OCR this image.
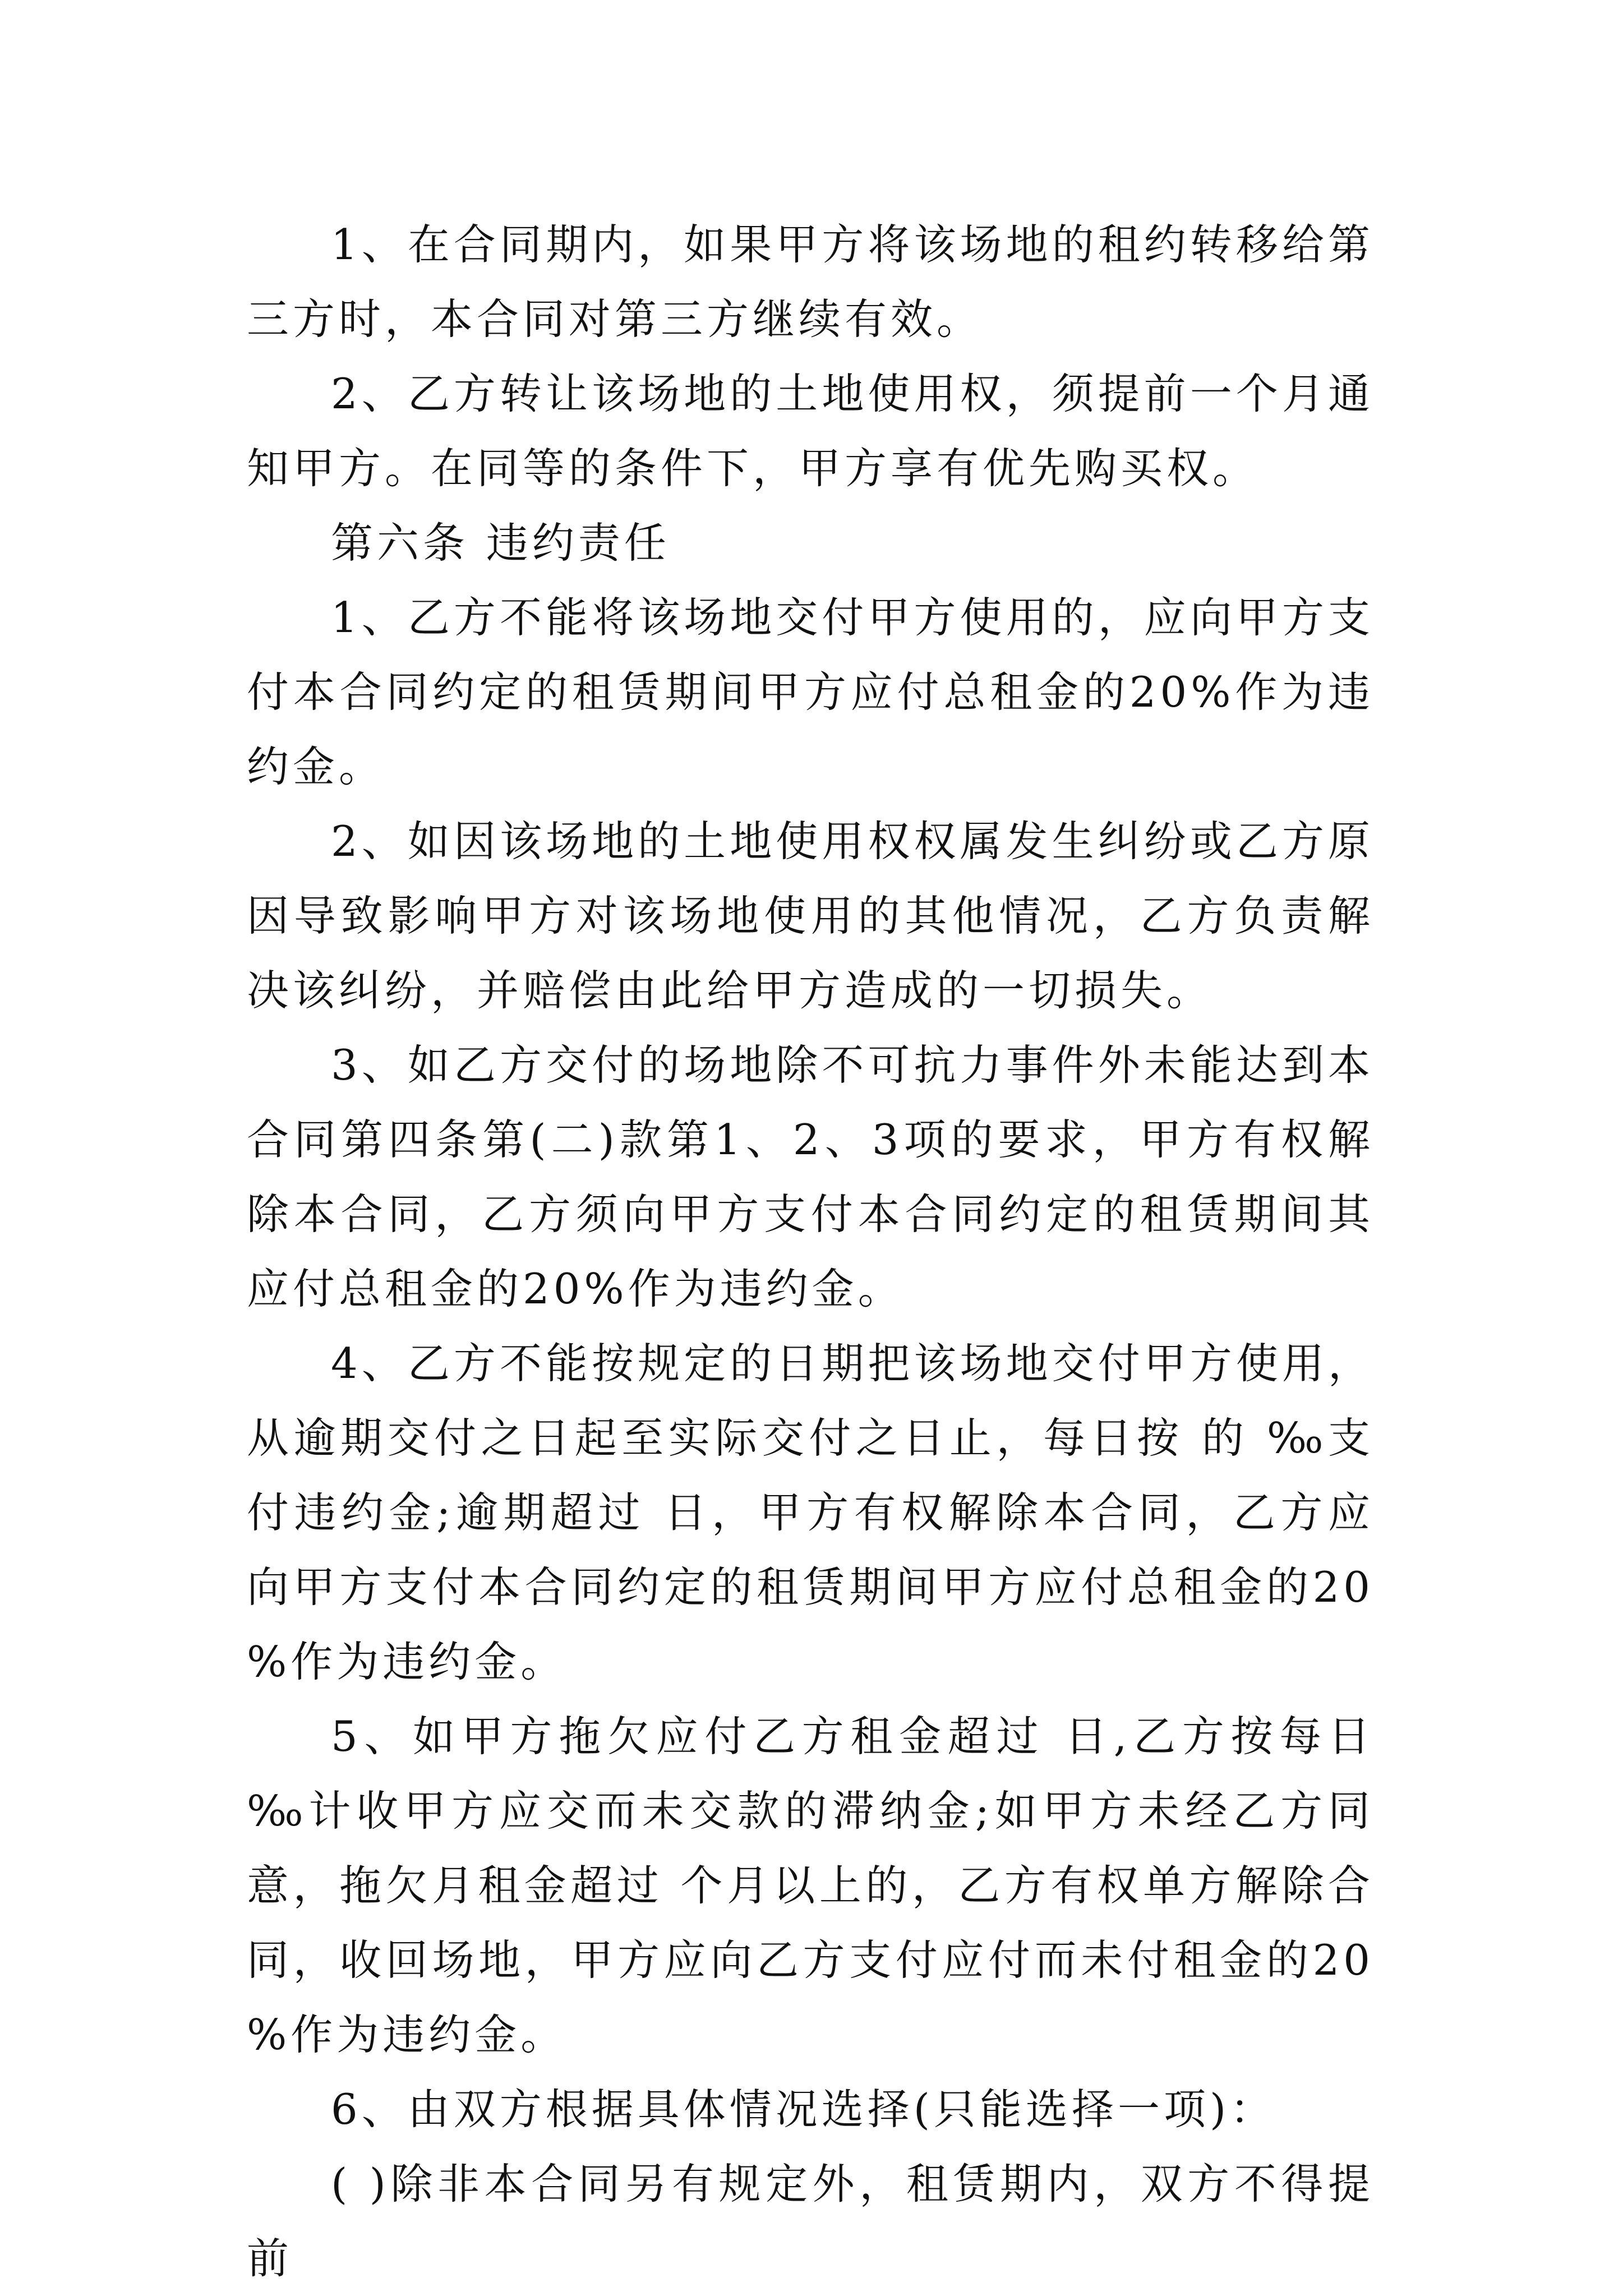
1、在合同期内，如果甲方将该场地的租约转移给第三方时，本合同对第三方继续有效。

2、乙方转让该场地的土地使用权，须提前一个月通知甲方。在同等的条件下，甲方享有优先购买权。

第六条 违约责任

1、乙方不能将该场地交付甲方使用的，应向甲方支付本合同约定的租赁期间甲方应付总租金的20%作为违约金。

2、如因该场地的土地使用权权属发生纠纷或乙方原因导致影响甲方对该场地使用的其他情况，乙方负责解决该纠纷，并赔偿由此给甲方造成的一切损失。

3、如乙方交付的场地除不可抗力事件外未能达到本合同第四条第(二)款第1、2、3项的要求，甲方有权解除本合同，乙方须向甲方支付本合同约定的租赁期间其应付总租金的20%作为违约金。

4、乙方不能按规定的日期把该场地交付甲方使用，从逾期交付之日起至实际交付之日止，每日按 的 ‰支付违约金;逾期超过 日，甲方有权解除本合同，乙方应向甲方支付本合同约定的租赁期间甲方应付总租金的20%作为违约金。

5、如甲方拖欠应付乙方租金超过 日,乙方按每日 ‰计收甲方应交而未交款的滞纳金;如甲方未经乙方同意，拖欠月租金超过 个月以上的，乙方有权单方解除合同，收回场地，甲方应向乙方支付应付而未付租金的20%作为违约金。

6、由双方根据具体情况选择(只能选择一项)：

( )除非本合同另有规定外，租赁期内，双方不得提前
